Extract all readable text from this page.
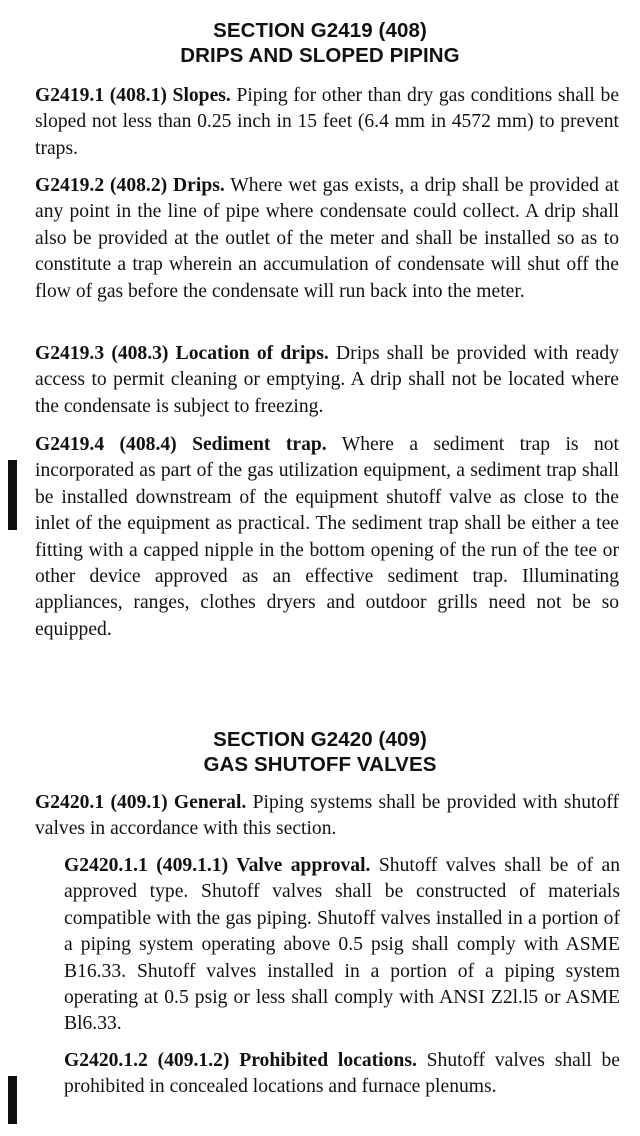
SECTION G2419 (408)
DRIPS AND SLOPED PIPING

G2419.1 (408.1) Slopes. Piping for other than dry gas conditions shall be sloped not less than 0.25 inch in 15 feet (6.4 mm in 4572 mm) to prevent traps.

G2419.2 (408.2) Drips. Where wet gas exists, a drip shall be provided at any point in the line of pipe where condensate could collect. A drip shall also be provided at the outlet of the meter and shall be installed so as to constitute a trap wherein an accumulation of condensate will shut off the flow of gas before the condensate will run back into the meter.

G2419.3 (408.3) Location of drips. Drips shall be provided with ready access to permit cleaning or emptying. A drip shall not be located where the condensate is subject to freezing.

G2419.4 (408.4) Sediment trap. Where a sediment trap is not incorporated as part of the gas utilization equipment, a sediment trap shall be installed downstream of the equipment shutoff valve as close to the inlet of the equipment as practical. The sediment trap shall be either a tee fitting with a capped nipple in the bottom opening of the run of the tee or other device approved as an effective sediment trap. Illuminating appliances, ranges, clothes dryers and outdoor grills need not be so equipped.

SECTION G2420 (409)
GAS SHUTOFF VALVES

G2420.1 (409.1) General. Piping systems shall be provided with shutoff valves in accordance with this section.

G2420.1.1 (409.1.1) Valve approval. Shutoff valves shall be of an approved type. Shutoff valves shall be constructed of materials compatible with the gas piping. Shutoff valves installed in a portion of a piping system operating above 0.5 psig shall comply with ASME B16.33. Shutoff valves installed in a portion of a piping system operating at 0.5 psig or less shall comply with ANSI Z2l.l5 or ASME Bl6.33.

G2420.1.2 (409.1.2) Prohibited locations. Shutoff valves shall be prohibited in concealed locations and furnace plenums.
